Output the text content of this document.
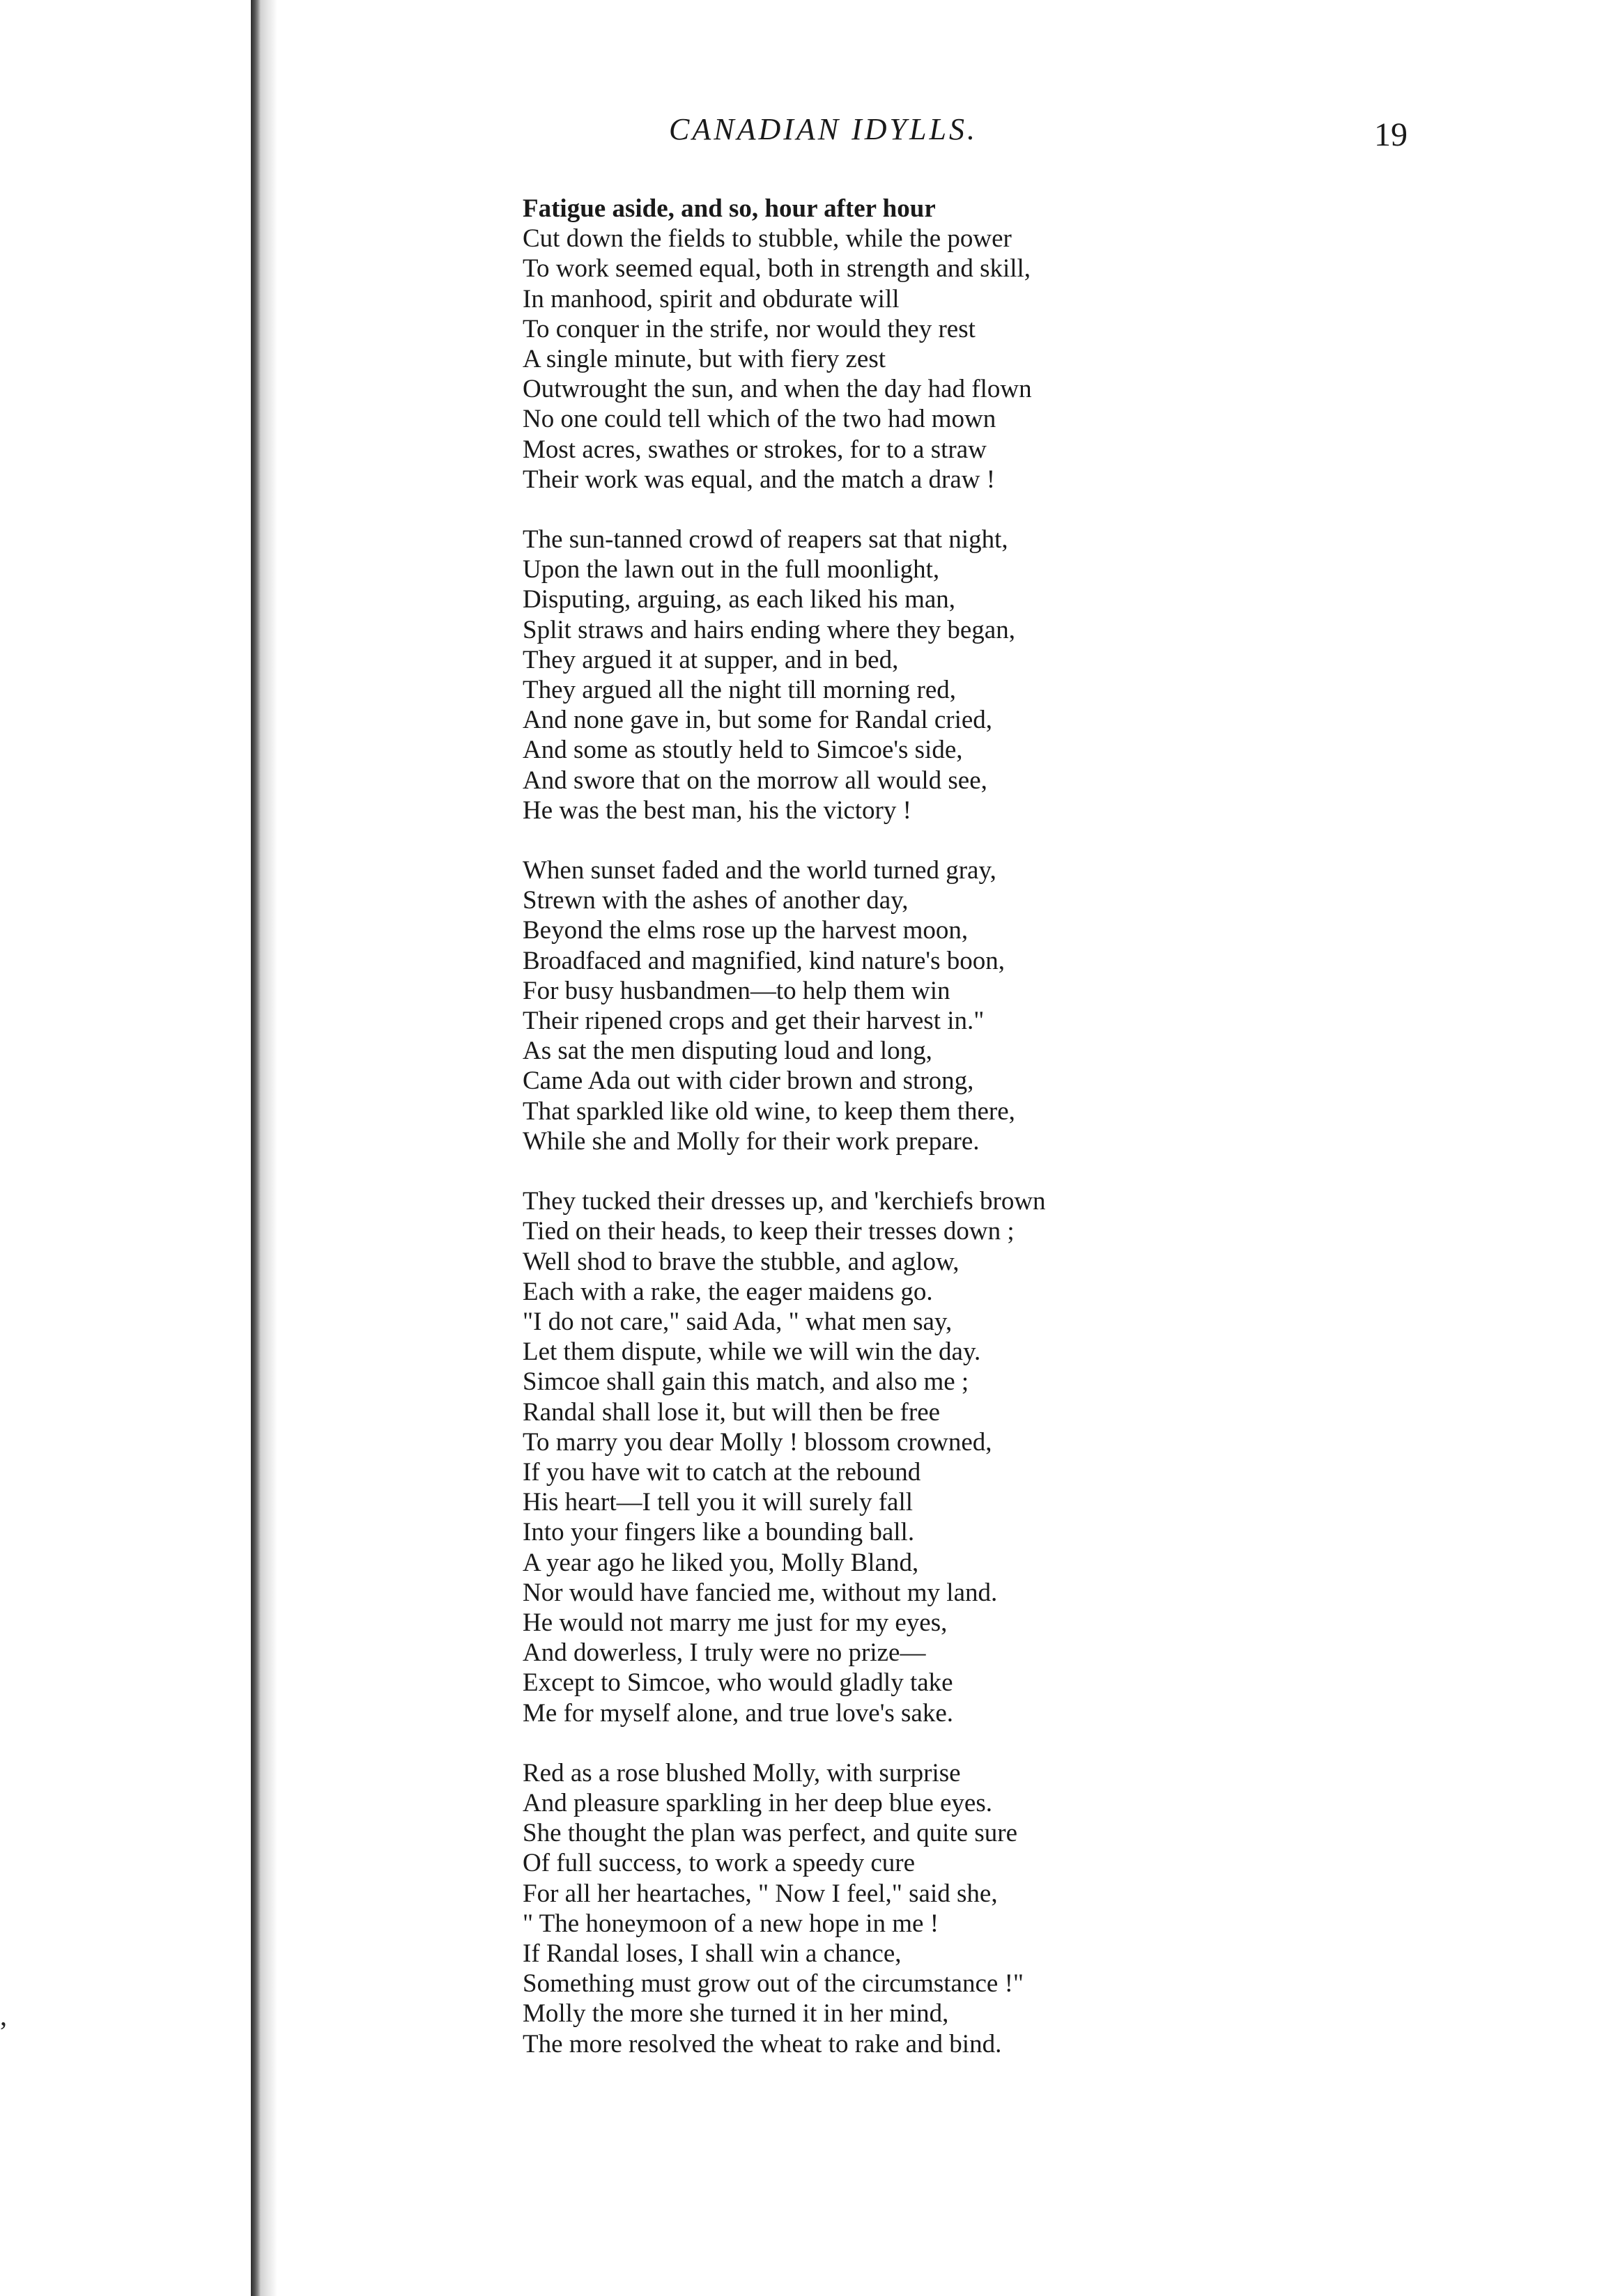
,
CANADIAN IDYLLS.	19
Fatigue aside, and so, hour after hour
Cut down the fields to stubble, while the power
To work seemed equal, both in strength and skill,
In manhood, spirit and obdurate will
To conquer in the strife, nor would they rest
A single minute, but with fiery zest
Outwrought the sun, and when the day had flown
No one could tell which of the two had mown
Most acres, swathes or strokes, for to a straw
Their work was equal, and the match a draw !
The sun-tanned crowd of reapers sat that night,
Upon the lawn out in the full moonlight,
Disputing, arguing, as each liked his man,
Split straws and hairs ending where they began,
They argued it at supper, and in bed,
They argued all the night till morning red,
And none gave in, but some for Randal cried,
And some as stoutly held to Simcoe's side,
And swore that on the morrow all would see,
He was the best man, his the victory !
When sunset faded and the world turned gray,
Strewn with the ashes of another day,
Beyond the elms rose up the harvest moon,
Broadfaced and magnified, kind nature's boon,
For busy husbandmen—to help them win
Their ripened crops and get their harvest in."
As sat the men disputing loud and long,
Came Ada out with cider brown and strong,
That sparkled like old wine, to keep them there,
While she and Molly for their work prepare.
They tucked their dresses up, and 'kerchiefs brown
Tied on their heads, to keep their tresses down ;
Well shod to brave the stubble, and aglow,
Each with a rake, the eager maidens go.
"I do not care," said Ada, " what men say,
Let them dispute, while we will win the day.
Simcoe shall gain this match, and also me ;
Randal shall lose it, but will then be free
To marry you dear Molly ! blossom crowned,
If you have wit to catch at the rebound
His heart—I tell you it will surely fall
Into your fingers like a bounding ball.
A year ago he liked you, Molly Bland,
Nor would have fancied me, without my land.
He would not marry me just for my eyes,
And dowerless, I truly were no prize—
Except to Simcoe, who would gladly take
Me for myself alone, and true love's sake.
Red as a rose blushed Molly, with surprise
And pleasure sparkling in her deep blue eyes.
She thought the plan was perfect, and quite sure
Of full success, to work a speedy cure
For all her heartaches, " Now I feel," said she,
" The honeymoon of a new hope in me !
If Randal loses, I shall win a chance,
Something must grow out of the circumstance !"
Molly the more she turned it in her mind,
The more resolved the wheat to rake and bind.
